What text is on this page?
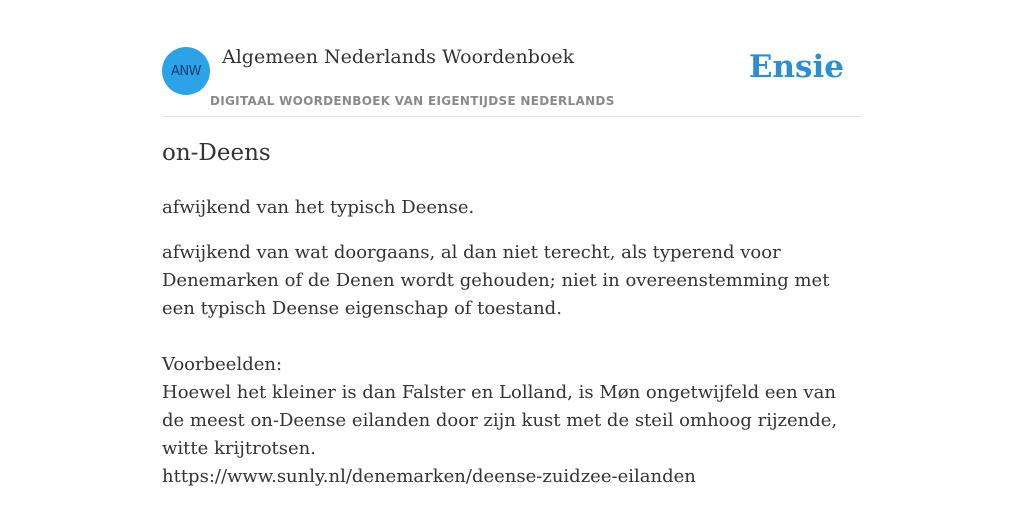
ANW
Algemeen Nederlands Woordenboek
DIGITAAL WOORDENBOEK VAN EIGENTIJDSE NEDERLANDS
Ensie
on-Deens
afwijkend van het typisch Deense.

afwijkend van wat doorgaans, al dan niet terecht, als typerend voor Denemarken of de Denen wordt gehouden; niet in overeenstemming met een typisch Deense eigenschap of toestand.

Voorbeelden:

Hoewel het kleiner is dan Falster en Lolland, is Møn ongetwijfeld een van de meest on-Deense eilanden door zijn kust met de steil omhoog rijzende, witte krijtrotsen.

https://www.sunly.nl/denemarken/deense-zuidzee-eilanden
